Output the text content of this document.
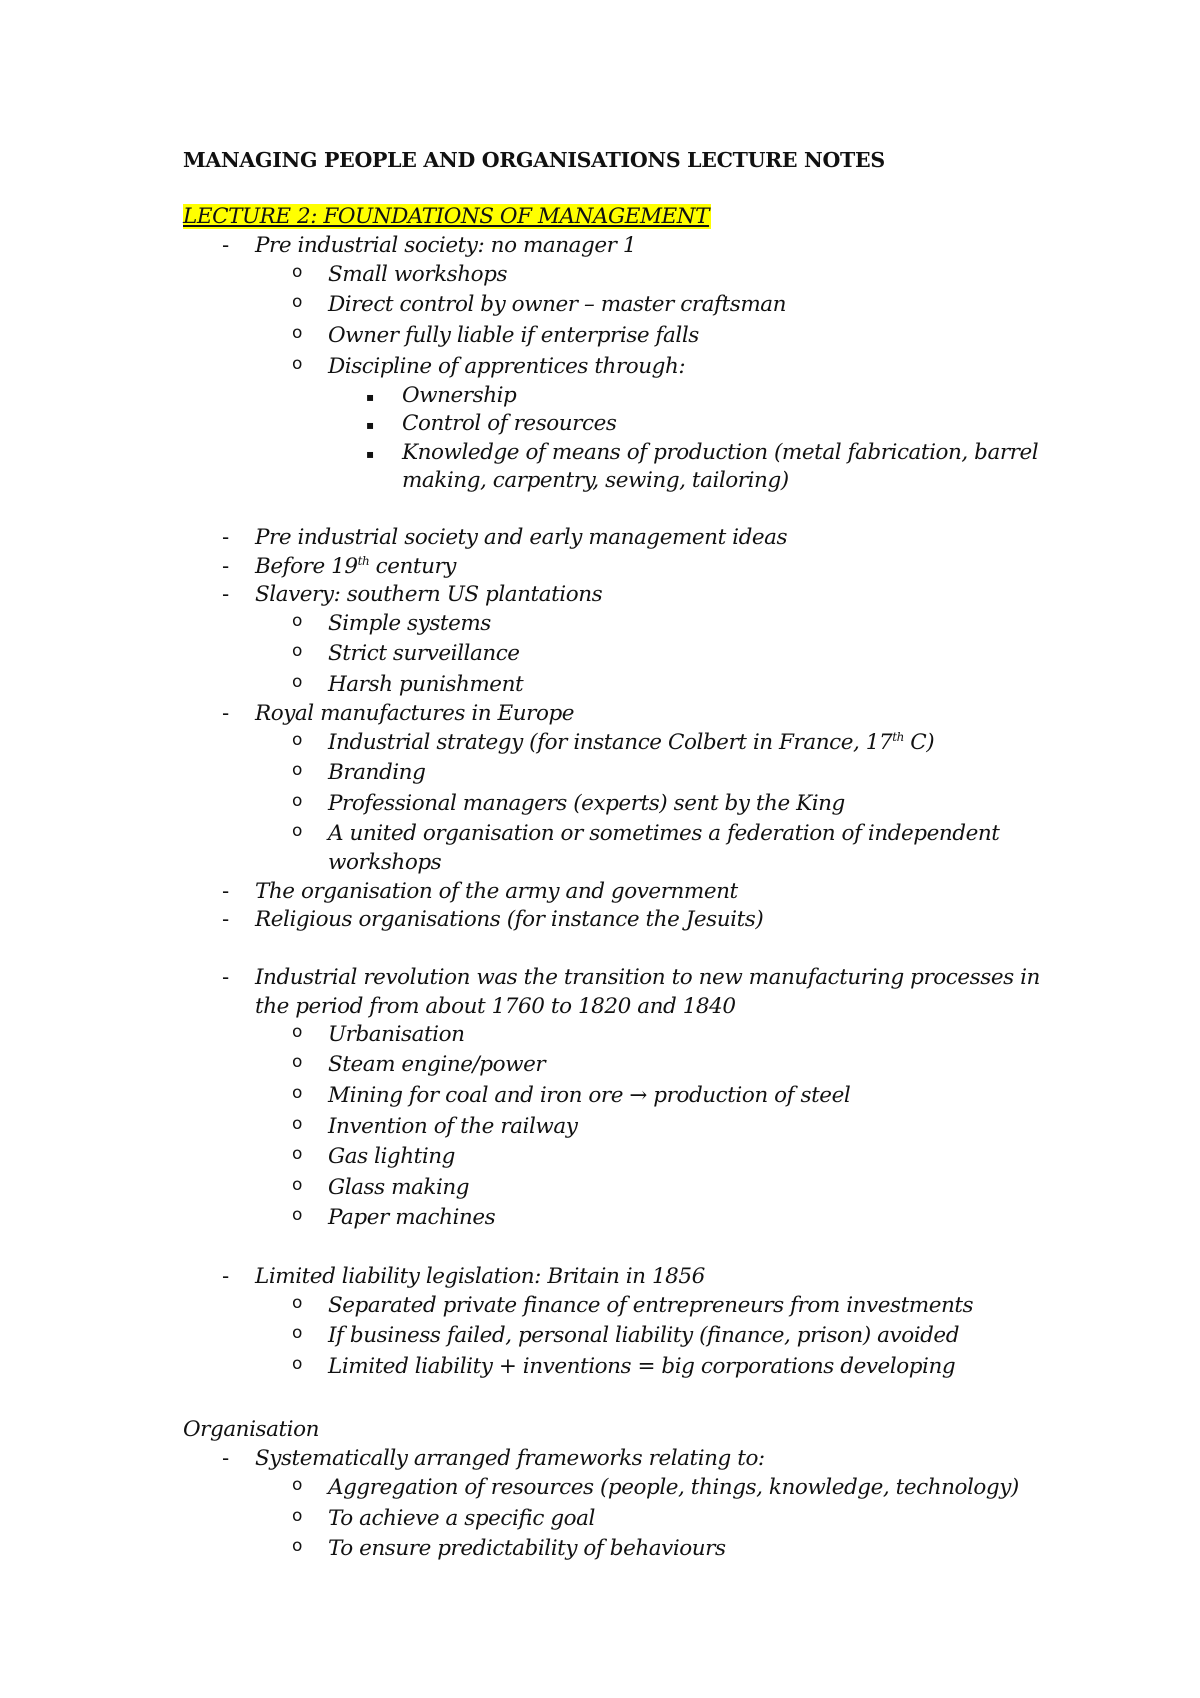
MANAGING PEOPLE AND ORGANISATIONS LECTURE NOTES
LECTURE 2: FOUNDATIONS OF MANAGEMENT
- Pre industrial society: no manager 1
o Small workshops
o Direct control by owner – master craftsman
o Owner fully liable if enterprise falls
o Discipline of apprentices through:
▪ Ownership
▪ Control of resources
▪ Knowledge of means of production (metal fabrication, barrel
making, carpentry, sewing, tailoring)
- Pre industrial society and early management ideas
- Before 19th century
- Slavery: southern US plantations
o Simple systems
o Strict surveillance
o Harsh punishment
- Royal manufactures in Europe
o Industrial strategy (for instance Colbert in France, 17th C)
o Branding
o Professional managers (experts) sent by the King
o A united organisation or sometimes a federation of independent
workshops
- The organisation of the army and government
- Religious organisations (for instance the Jesuits)
- Industrial revolution was the transition to new manufacturing processes in
the period from about 1760 to 1820 and 1840
o Urbanisation
o Steam engine/power
o Mining for coal and iron ore → production of steel
o Invention of the railway
o Gas lighting
o Glass making
o Paper machines
- Limited liability legislation: Britain in 1856
o Separated private finance of entrepreneurs from investments
o If business failed, personal liability (finance, prison) avoided
o Limited liability + inventions = big corporations developing
Organisation
- Systematically arranged frameworks relating to:
o Aggregation of resources (people, things, knowledge, technology)
o To achieve a specific goal
o To ensure predictability of behaviours
